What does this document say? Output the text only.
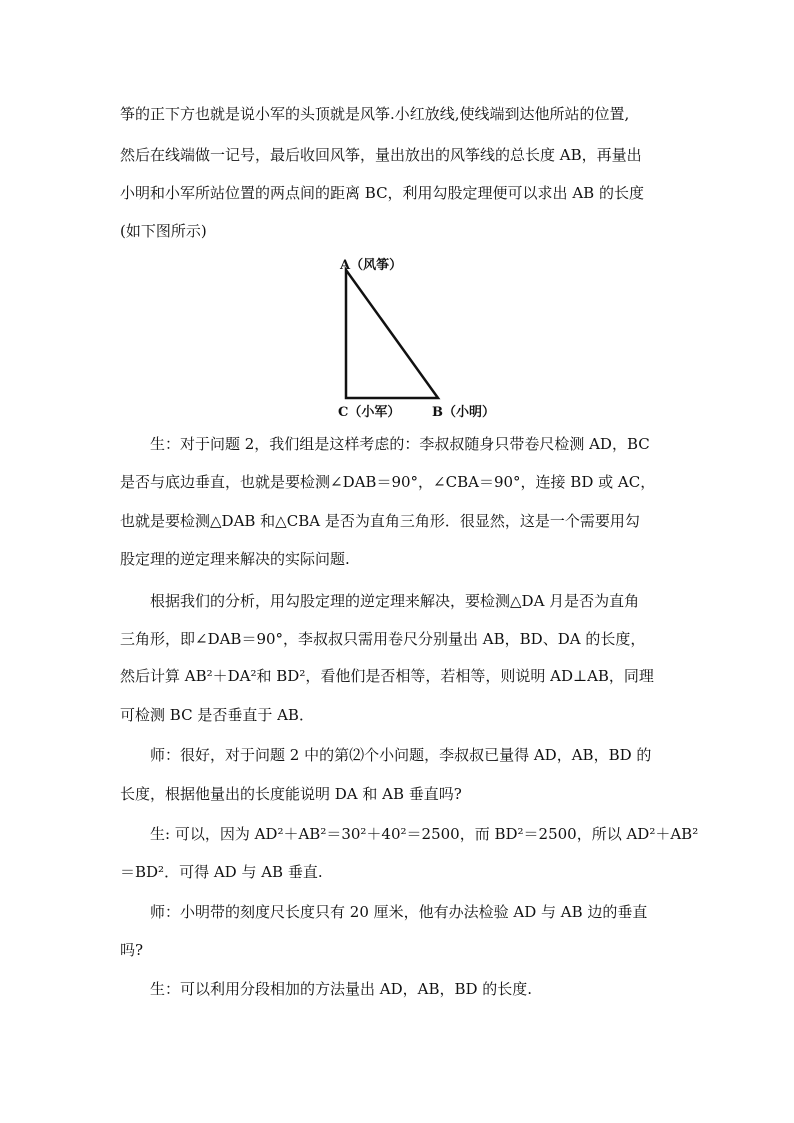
筝的正下方也就是说小军的头顶就是风筝.小红放线,使线端到达他所站的位置,
然后在线端做一记号，最后收回风筝，量出放出的风筝线的总长度 AB，再量出
小明和小军所站位置的两点间的距离 BC，利用勾股定理便可以求出 AB 的长度
(如下图所示)
A（风筝）
C（小军） B（小明）
生：对于问题 2，我们组是这样考虑的：李叔叔随身只带卷尺检测 AD，BC
是否与底边垂直，也就是要检测∠DAB＝90°，∠CBA＝90°，连接 BD 或 AC，
也就是要检测△DAB 和△CBA 是否为直角三角形．很显然，这是一个需要用勾
股定理的逆定理来解决的实际问题.
根据我们的分析，用勾股定理的逆定理来解决，要检测△DA 月是否为直角
三角形，即∠DAB＝90°，李叔叔只需用卷尺分别量出 AB，BD、DA 的长度，
然后计算 AB²＋DA²和 BD²，看他们是否相等，若相等，则说明 AD⊥AB，同理
可检测 BC 是否垂直于 AB．
师：很好，对于问题 2 中的第⑵个小问题，李叔叔已量得 AD，AB，BD 的
长度，根据他量出的长度能说明 DA 和 AB 垂直吗?
生: 可以，因为 AD²＋AB²＝30²＋40²＝2500，而 BD²＝2500，所以 AD²＋AB²
＝BD²．可得 AD 与 AB 垂直.
师：小明带的刻度尺长度只有 20 厘米，他有办法检验 AD 与 AB 边的垂直
吗?
生：可以利用分段相加的方法量出 AD，AB，BD 的长度.
